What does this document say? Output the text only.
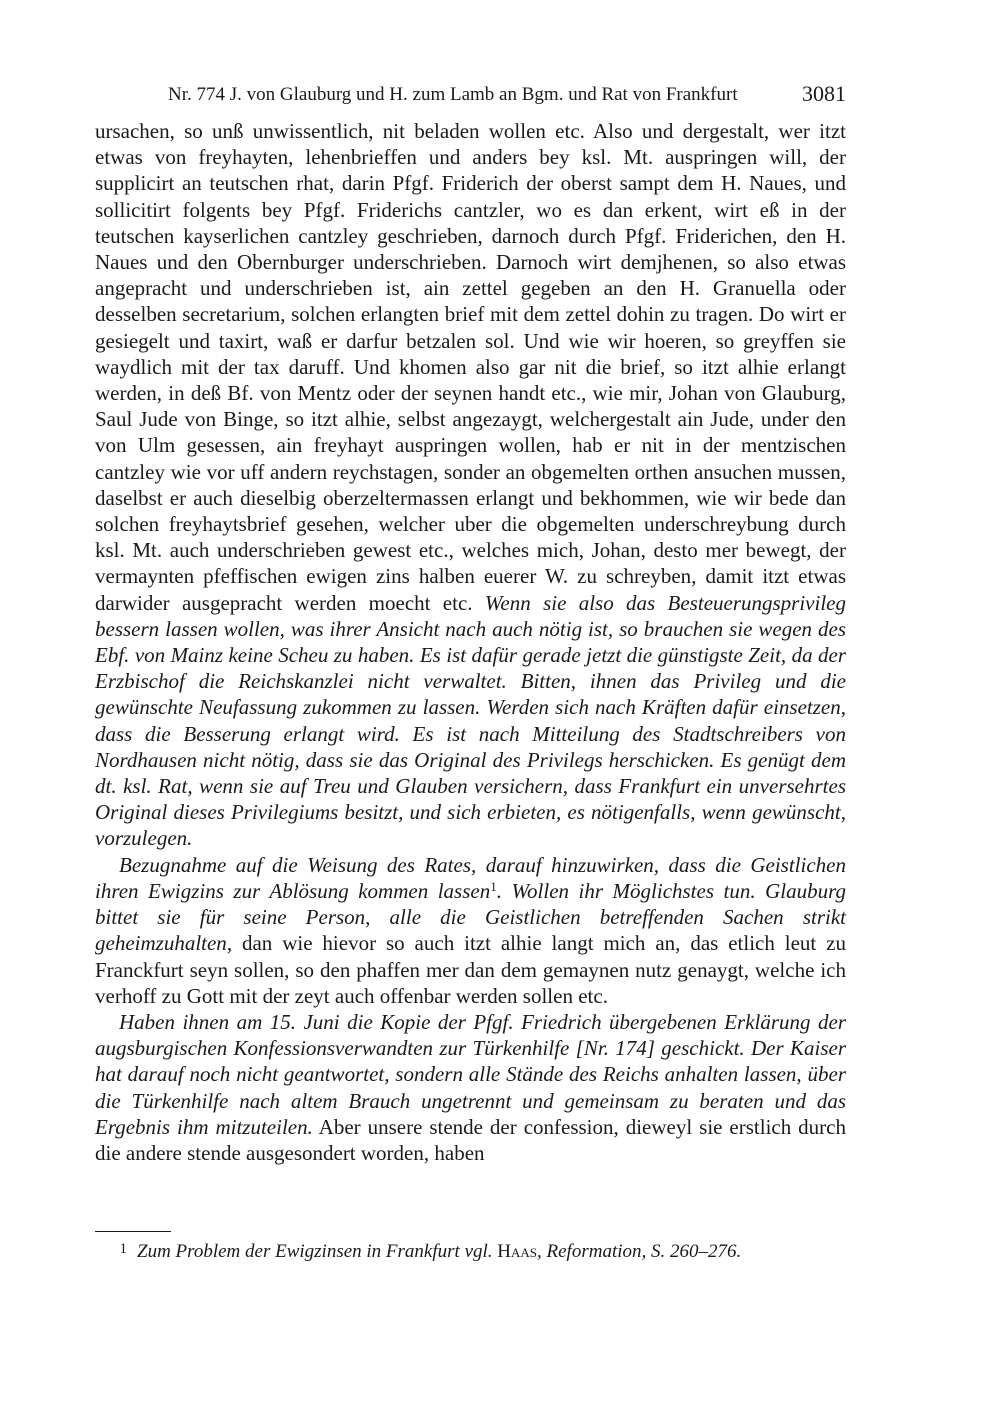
Nr. 774 J. von Glauburg und H. zum Lamb an Bgm. und Rat von Frankfurt	3081

ursachen, so unß unwissentlich, nit beladen wollen etc. Also und dergestalt, wer itzt etwas von freyhayten, lehenbrieffen und anders bey ksl. Mt. auspringen will, der supplicirt an teutschen rhat, darin Pfgf. Friderich der oberst sampt dem H. Naues, und sollicitirt folgents bey Pfgf. Friderichs cantzler, wo es dan erkent, wirt eß in der teutschen kayserlichen cantzley geschrieben, darnoch durch Pfgf. Friderichen, den H. Naues und den Obernburger underschrieben. Darnoch wirt demjhenen, so also etwas angepracht und underschrieben ist, ain zettel gegeben an den H. Granuella oder desselben secretarium, solchen erlangten brief mit dem zettel dohin zu tragen. Do wirt er gesiegelt und taxirt, waß er darfur betzalen sol. Und wie wir hoeren, so greyffen sie waydlich mit der tax daruff. Und khomen also gar nit die brief, so itzt alhie erlangt werden, in deß Bf. von Mentz oder der seynen handt etc., wie mir, Johan von Glauburg, Saul Jude von Binge, so itzt alhie, selbst angezaygt, welchergestalt ain Jude, under den von Ulm gesessen, ain freyhayt auspringen wollen, hab er nit in der mentzischen cantzley wie vor uff andern reychstagen, sonder an obgemelten orthen ansuchen mussen, daselbst er auch dieselbig oberzeltermassen erlangt und bekhommen, wie wir bede dan solchen freyhaytsbrief gesehen, welcher uber die obgemelten underschreybung durch ksl. Mt. auch underschrieben gewest etc., welches mich, Johan, desto mer bewegt, der vermaynten pfeffischen ewigen zins halben euerer W. zu schreyben, damit itzt etwas darwider ausgepracht werden moecht etc. Wenn sie also das Besteuerungsprivileg bessern lassen wollen, was ihrer Ansicht nach auch nötig ist, so brauchen sie wegen des Ebf. von Mainz keine Scheu zu haben. Es ist dafür gerade jetzt die günstigste Zeit, da der Erzbischof die Reichskanzlei nicht verwaltet. Bitten, ihnen das Privileg und die gewünschte Neufassung zukommen zu lassen. Werden sich nach Kräften dafür einsetzen, dass die Besserung erlangt wird. Es ist nach Mitteilung des Stadtschreibers von Nordhausen nicht nötig, dass sie das Original des Privilegs herschicken. Es genügt dem dt. ksl. Rat, wenn sie auf Treu und Glauben versichern, dass Frankfurt ein unversehrtes Original dieses Privilegiums besitzt, und sich erbieten, es nötigenfalls, wenn gewünscht, vorzulegen.

Bezugnahme auf die Weisung des Rates, darauf hinzuwirken, dass die Geistlichen ihren Ewigzins zur Ablösung kommen lassen$^1$. Wollen ihr Möglichstes tun. Glauburg bittet sie für seine Person, alle die Geistlichen betreffenden Sachen strikt geheimzuhalten, dan wie hievor so auch itzt alhie langt mich an, das etlich leut zu Franckfurt seyn sollen, so den phaffen mer dan dem gemaynen nutz genaygt, welche ich verhoff zu Gott mit der zeyt auch offenbar werden sollen etc.

Haben ihnen am 15. Juni die Kopie der Pfgf. Friedrich übergebenen Erklärung der augsburgischen Konfessionsverwandten zur Türkenhilfe [Nr. 174] geschickt. Der Kaiser hat darauf noch nicht geantwortet, sondern alle Stände des Reichs anhalten lassen, über die Türkenhilfe nach altem Brauch ungetrennt und gemeinsam zu beraten und das Ergebnis ihm mitzuteilen. Aber unsere stende der confession, dieweyl sie erstlich durch die andere stende ausgesondert worden, haben

1 Zum Problem der Ewigzinsen in Frankfurt vgl. Haas, Reformation, S. 260–276.
